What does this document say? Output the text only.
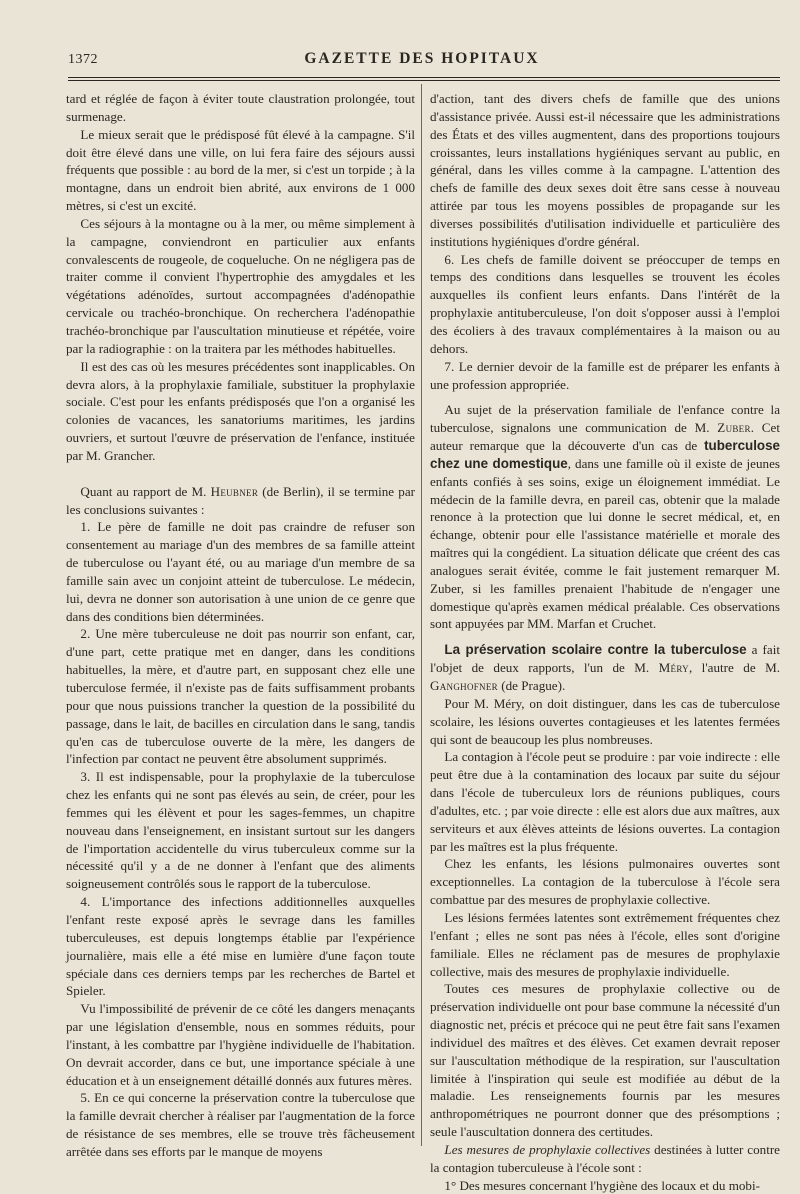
1372	GAZETTE DES HOPITAUX

tard et réglée de façon à éviter toute claustration prolongée, tout surmenage.

Le mieux serait que le prédisposé fût élevé à la campagne. S'il doit être élevé dans une ville, on lui fera faire des séjours aussi fréquents que possible : au bord de la mer, si c'est un torpide ; à la montagne, dans un endroit bien abrité, aux environs de 1 000 mètres, si c'est un excité.

Ces séjours à la montagne ou à la mer, ou même simplement à la campagne, conviendront en particulier aux enfants convalescents de rougeole, de coqueluche. On ne négligera pas de traiter comme il convient l'hypertrophie des amygdales et les végétations adénoïdes, surtout accompagnées d'adénopathie cervicale ou trachéo-bronchique. On recherchera l'adénopathie trachéo-bronchique par l'auscultation minutieuse et répétée, voire par la radiographie : on la traitera par les méthodes habituelles.

Il est des cas où les mesures précédentes sont inapplicables. On devra alors, à la prophylaxie familiale, substituer la prophylaxie sociale. C'est pour les enfants prédisposés que l'on a organisé les colonies de vacances, les sanatoriums maritimes, les jardins ouvriers, et surtout l'œuvre de préservation de l'enfance, instituée par M. Grancher.

Quant au rapport de M. Heubner (de Berlin), il se termine par les conclusions suivantes :

1. Le père de famille ne doit pas craindre de refuser son consentement au mariage d'un des membres de sa famille atteint de tuberculose ou l'ayant été, ou au mariage d'un membre de sa famille sain avec un conjoint atteint de tuberculose. Le médecin, lui, devra ne donner son autorisation à une union de ce genre que dans des conditions bien déterminées.

2. Une mère tuberculeuse ne doit pas nourrir son enfant, car, d'une part, cette pratique met en danger, dans les conditions habituelles, la mère, et d'autre part, en supposant chez elle une tuberculose fermée, il n'existe pas de faits suffisamment probants pour que nous puissions trancher la question de la possibilité du passage, dans le lait, de bacilles en circulation dans le sang, tandis qu'en cas de tuberculose ouverte de la mère, les dangers de l'infection par contact ne peuvent être absolument supprimés.

3. Il est indispensable, pour la prophylaxie de la tuberculose chez les enfants qui ne sont pas élevés au sein, de créer, pour les femmes qui les élèvent et pour les sages-femmes, un chapitre nouveau dans l'enseignement, en insistant surtout sur les dangers de l'importation accidentelle du virus tuberculeux comme sur la nécessité qu'il y a de ne donner à l'enfant que des aliments soigneusement contrôlés sous le rapport de la tuberculose.

4. L'importance des infections additionnelles auxquelles l'enfant reste exposé après le sevrage dans les familles tuberculeuses, est depuis longtemps établie par l'expérience journalière, mais elle a été mise en lumière d'une façon toute spéciale dans ces derniers temps par les recherches de Bartel et Spieler.

Vu l'impossibilité de prévenir de ce côté les dangers menaçants par une législation d'ensemble, nous en sommes réduits, pour l'instant, à les combattre par l'hygiène individuelle de l'habitation. On devrait accorder, dans ce but, une importance spéciale à une éducation et à un enseignement détaillé donnés aux futures mères.

5. En ce qui concerne la préservation contre la tuberculose que la famille devrait chercher à réaliser par l'augmentation de la force de résistance de ses membres, elle se trouve très fâcheusement arrêtée dans ses efforts par le manque de moyens

d'action, tant des divers chefs de famille que des unions d'assistance privée. Aussi est-il nécessaire que les administrations des États et des villes augmentent, dans des proportions toujours croissantes, leurs installations hygiéniques servant au public, en général, dans les villes comme à la campagne. L'attention des chefs de famille des deux sexes doit être sans cesse à nouveau attirée par tous les moyens possibles de propagande sur les diverses possibilités d'utilisation individuelle et particulière des institutions hygiéniques d'ordre général.

6. Les chefs de famille doivent se préoccuper de temps en temps des conditions dans lesquelles se trouvent les écoles auxquelles ils confient leurs enfants. Dans l'intérêt de la prophylaxie antituberculeuse, l'on doit s'opposer aussi à l'emploi des écoliers à des travaux complémentaires à la maison ou au dehors.

7. Le dernier devoir de la famille est de préparer les enfants à une profession appropriée.

Au sujet de la préservation familiale de l'enfance contre la tuberculose, signalons une communication de M. Zuber. Cet auteur remarque que la découverte d'un cas de tuberculose chez une domestique, dans une famille où il existe de jeunes enfants confiés à ses soins, exige un éloignement immédiat. Le médecin de la famille devra, en pareil cas, obtenir que la malade renonce à la protection que lui donne le secret médical, et, en échange, obtenir pour elle l'assistance matérielle et morale des maîtres qui la congédient. La situation délicate que créent des cas analogues serait évitée, comme le fait justement remarquer M. Zuber, si les familles prenaient l'habitude de n'engager une domestique qu'après examen médical préalable. Ces observations sont appuyées par MM. Marfan et Cruchet.

La préservation scolaire contre la tuberculose a fait l'objet de deux rapports, l'un de M. Méry, l'autre de M. Ganghofner (de Prague).

Pour M. Méry, on doit distinguer, dans les cas de tuberculose scolaire, les lésions ouvertes contagieuses et les latentes fermées qui sont de beaucoup les plus nombreuses.

La contagion à l'école peut se produire : par voie indirecte : elle peut être due à la contamination des locaux par suite du séjour dans l'école de tuberculeux lors de réunions publiques, cours d'adultes, etc. ; par voie directe : elle est alors due aux maîtres, aux serviteurs et aux élèves atteints de lésions ouvertes. La contagion par les maîtres est la plus fréquente.

Chez les enfants, les lésions pulmonaires ouvertes sont exceptionnelles. La contagion de la tuberculose à l'école sera combattue par des mesures de prophylaxie collective.

Les lésions fermées latentes sont extrêmement fréquentes chez l'enfant ; elles ne sont pas nées à l'école, elles sont d'origine familiale. Elles ne réclament pas de mesures de prophylaxie collective, mais des mesures de prophylaxie individuelle.

Toutes ces mesures de prophylaxie collective ou de préservation individuelle ont pour base commune la nécessité d'un diagnostic net, précis et précoce qui ne peut être fait sans l'examen individuel des maîtres et des élèves. Cet examen devrait reposer sur l'auscultation méthodique de la respiration, sur l'auscultation limitée à l'inspiration qui seule est modifiée au début de la maladie. Les renseignements fournis par les mesures anthropométriques ne pourront donner que des présomptions ; seule l'auscultation donnera des certitudes.

Les mesures de prophylaxie collectives destinées à lutter contre la contagion tuberculeuse à l'école sont :

1° Des mesures concernant l'hygiène des locaux et du mobi-
